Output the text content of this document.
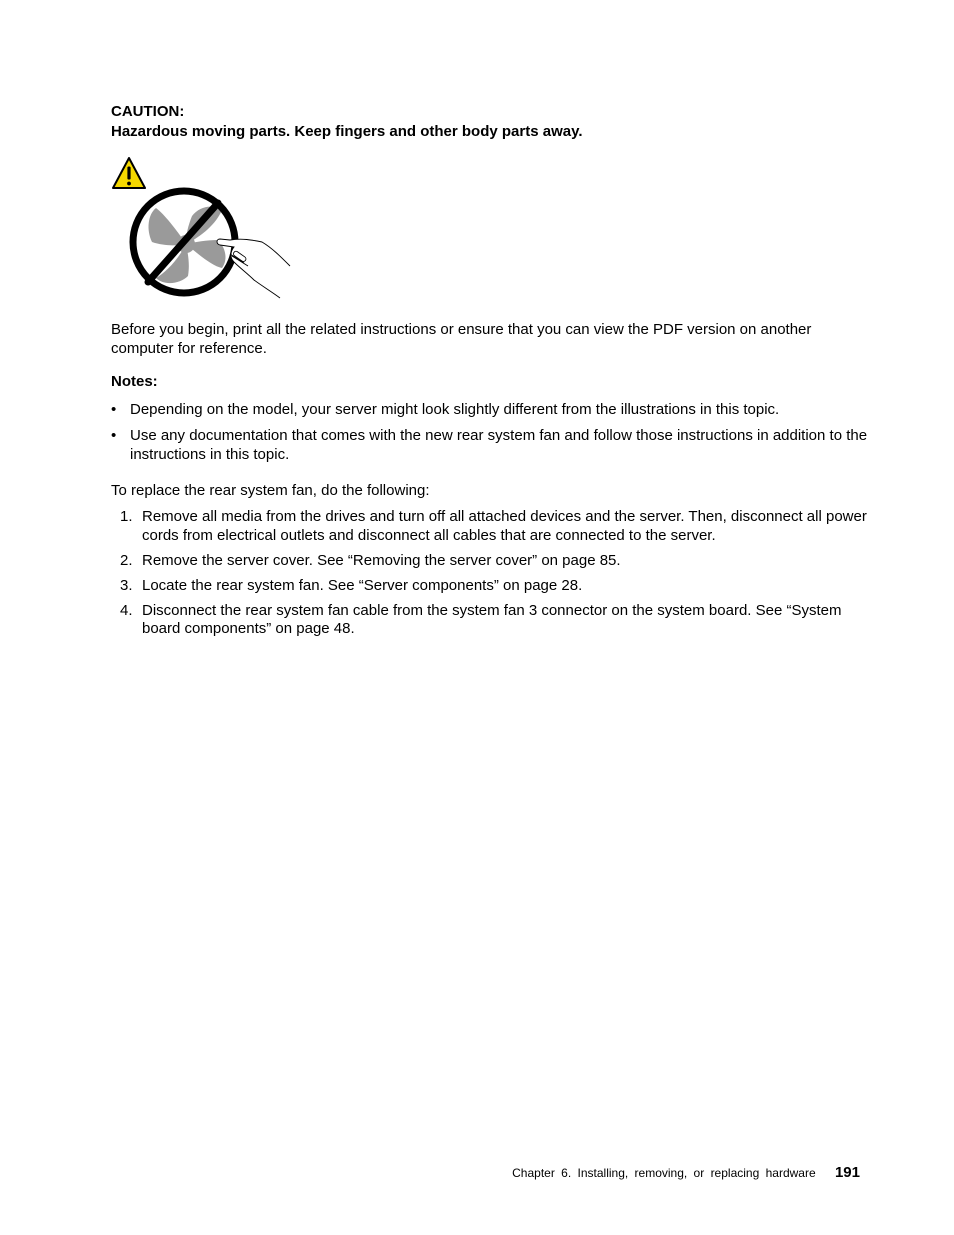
CAUTION:
Hazardous moving parts. Keep fingers and other body parts away.
Before you begin, print all the related instructions or ensure that you can view the PDF version on another computer for reference.
Notes:
• Depending on the model, your server might look slightly different from the illustrations in this topic.
• Use any documentation that comes with the new rear system fan and follow those instructions in addition to the instructions in this topic.
To replace the rear system fan, do the following:
1. Remove all media from the drives and turn off all attached devices and the server. Then, disconnect all power cords from electrical outlets and disconnect all cables that are connected to the server.
2. Remove the server cover. See “Removing the server cover” on page 85.
3. Locate the rear system fan. See “Server components” on page 28.
4. Disconnect the rear system fan cable from the system fan 3 connector on the system board. See “System board components” on page 48.
Chapter 6. Installing, removing, or replacing hardware 191
